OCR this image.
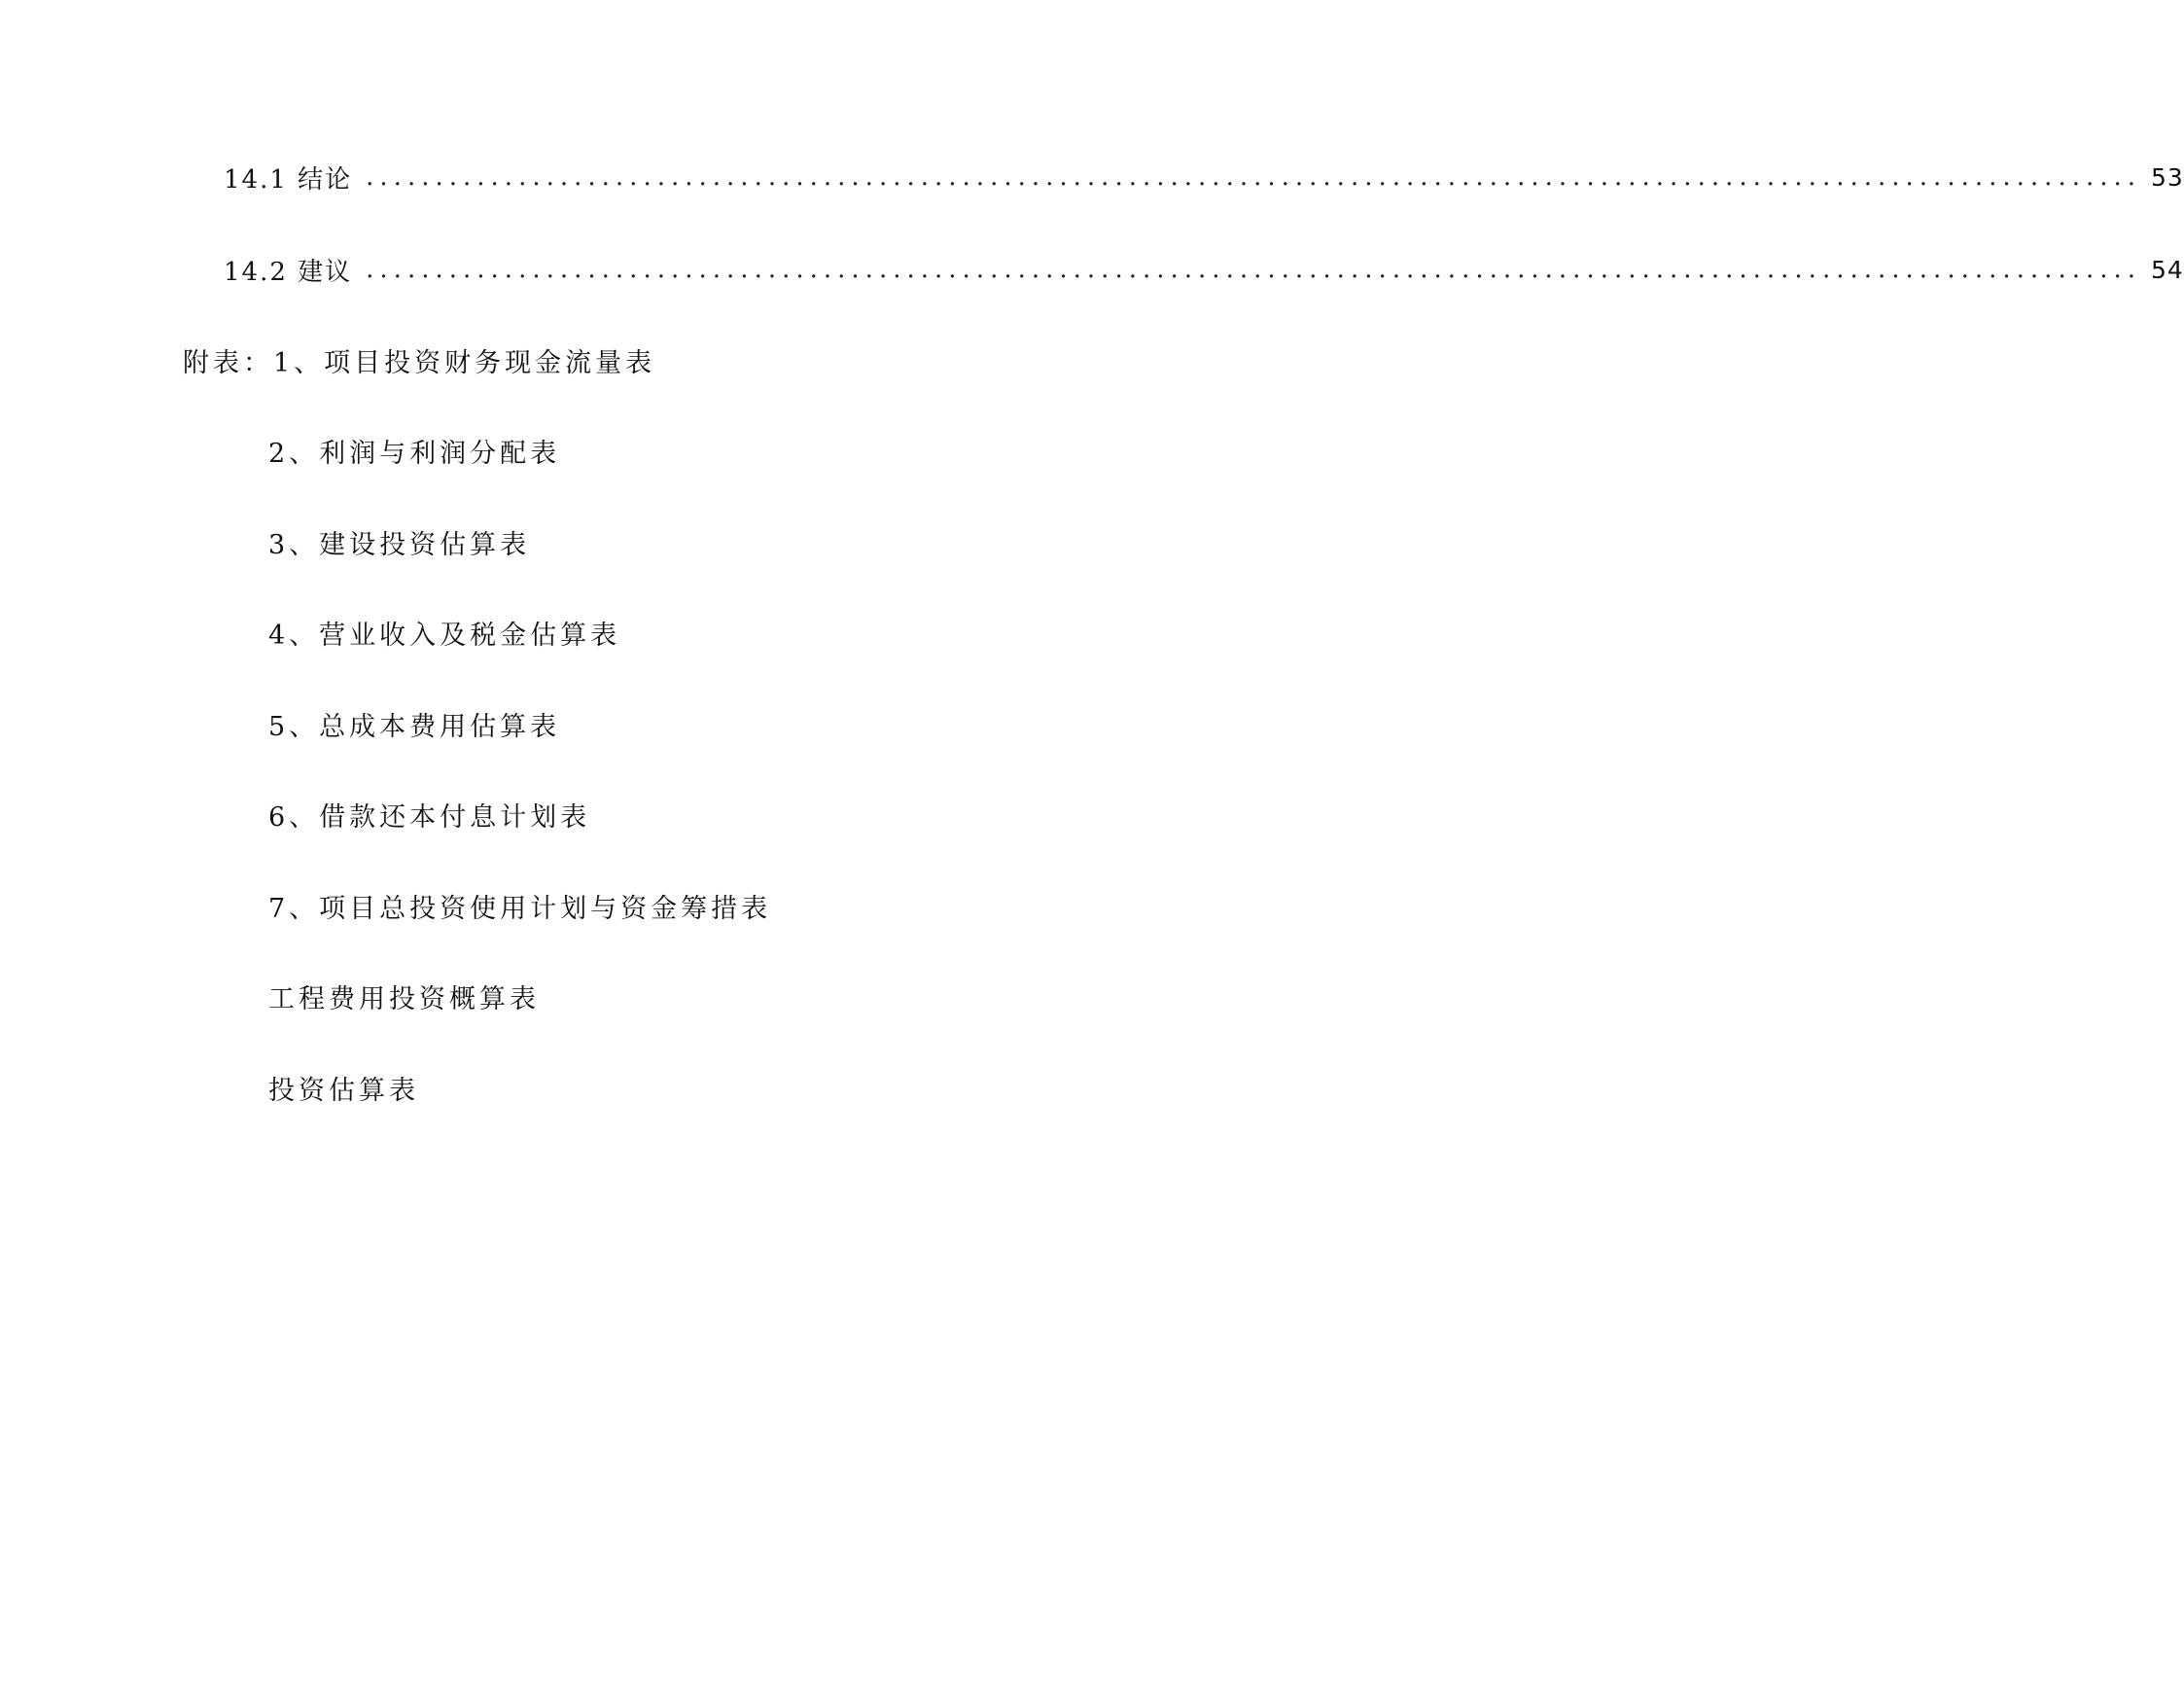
14.1 结论 ................................................................................................................................ 53
14.2 建议 ................................................................................................................................ 54
附表： 1、项目投资财务现金流量表
2、利润与利润分配表
3、建设投资估算表
4、营业收入及税金估算表
5、总成本费用估算表
6、借款还本付息计划表
7、项目总投资使用计划与资金筹措表
工程费用投资概算表
投资估算表
